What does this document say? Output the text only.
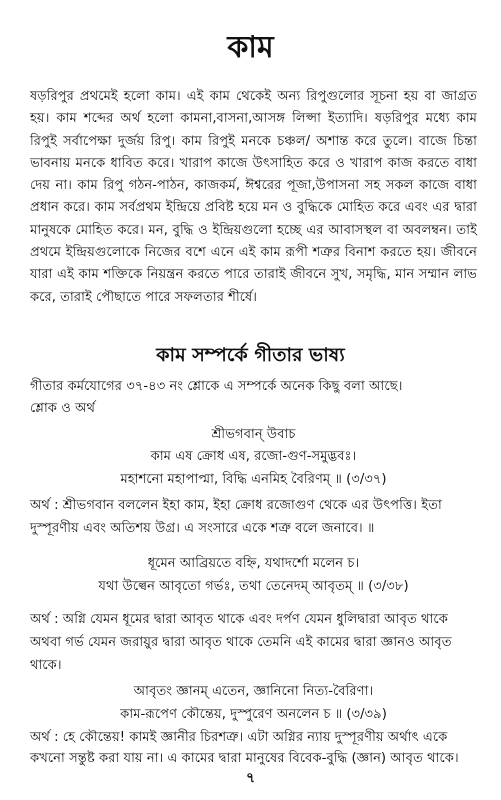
কাম

ষড়রিপুর প্রথমেই হলো কাম। এই কাম থেকেই অন্য রিপুগুলোর সূচনা হয় বা জাগ্রত হয়। কাম শব্দের অর্থ হলো কামনা,বাসনা,আসঙ্গ লিপ্সা ইত্যাদি। ষড়রিপুর মধ্যে কাম রিপুই সর্বাপেক্ষা দুর্জয় রিপু। কাম রিপুই মনকে চঞ্চল/ অশান্ত করে তুলে। বাজে চিন্তা ভাবনায় মনকে ধাবিত করে। খারাপ কাজে উৎসাহিত করে ও খারাপ কাজ করতে বাধা দেয় না। কাম রিপু গঠন-পাঠন, কাজকর্ম, ঈশ্বরের পূজা,উপাসনা সহ সকল কাজে বাধা প্রধান করে। কাম সর্বপ্রথম ইন্দ্রিয়ে প্রবিষ্ট হয়ে মন ও বুদ্ধিকে মোহিত করে এবং এর দ্বারা মানুষকে মোহিত করে। মন, বুদ্ধি ও ইন্দ্রিয়গুলো হচ্ছে এর আবাসস্থল বা অবলম্বন। তাই প্রথমে ইন্দ্রিয়গুলোকে নিজের বশে এনে এই কাম রূপী শত্রুর বিনাশ করতে হয়। জীবনে যারা এই কাম শক্তিকে নিয়ন্ত্রন করতে পারে তারাই জীবনে সুখ, সমৃদ্ধি, মান সম্মান লাভ করে, তারাই পৌছাতে পারে সফলতার শীর্ষে।

কাম সম্পর্কে গীতার ভাষ্য

গীতার কর্মযোগের ৩৭-৪৩ নং শ্লোকে এ সম্পর্কে অনেক কিছু বলা আছে।

শ্লোক ও অর্থ

শ্রীভগবান্ উবাচ

কাম এষ ক্রোধ এষ, রজো-গুণ-সমুদ্ভবঃ।

মহাশনো মহাপাপ্মা, বিদ্ধি এনমিহ বৈরিণম্ ॥ (৩/৩৭)

অর্থ : শ্রীভগবান বললেন ইহা কাম, ইহা ক্রোধ রজোগুণ থেকে এর উৎপত্তি। ইতা

দুস্পূরণীয় এবং অতিশয় উগ্র। এ সংসারে একে শত্রু বলে জনাবে। ॥

ধূমেন আব্রিয়তে বহ্নি, যথাদর্শো মলেন চ।

যথা উল্বেন আবৃতো গর্ভঃ, তথা তেনেদম্ আবৃতম্ ॥ (৩/৩৮)

অর্থ : অগ্নি যেমন ধূমের দ্বারা আবৃত থাকে এবং দর্পণ যেমন ধুলিদ্বারা আবৃত থাকে

অথবা গর্ভ যেমন জরায়ুর দ্বারা আবৃত থাকে তেমনি এই কামের দ্বারা জ্ঞানও আবৃত

থাকে।

আবৃতং জ্ঞানম্ এতেন, জ্ঞানিনো নিত্য-বৈরিণা।

কাম-রূপেণ কৌন্তেয়, দুস্পুরেণ অনলেন চ ॥ (৩/৩৯)

অর্থ : হে কৌন্তেয়! কামই জ্ঞানীর চিরশত্রু। এটা অগ্নির ন্যায় দুস্পূরণীয় অর্থাৎ একে

কখনো সন্তুষ্ট করা যায় না। এ কামের দ্বারা মানুষের বিবেক-বুদ্ধি (জ্ঞান) আবৃত থাকে।

৭
